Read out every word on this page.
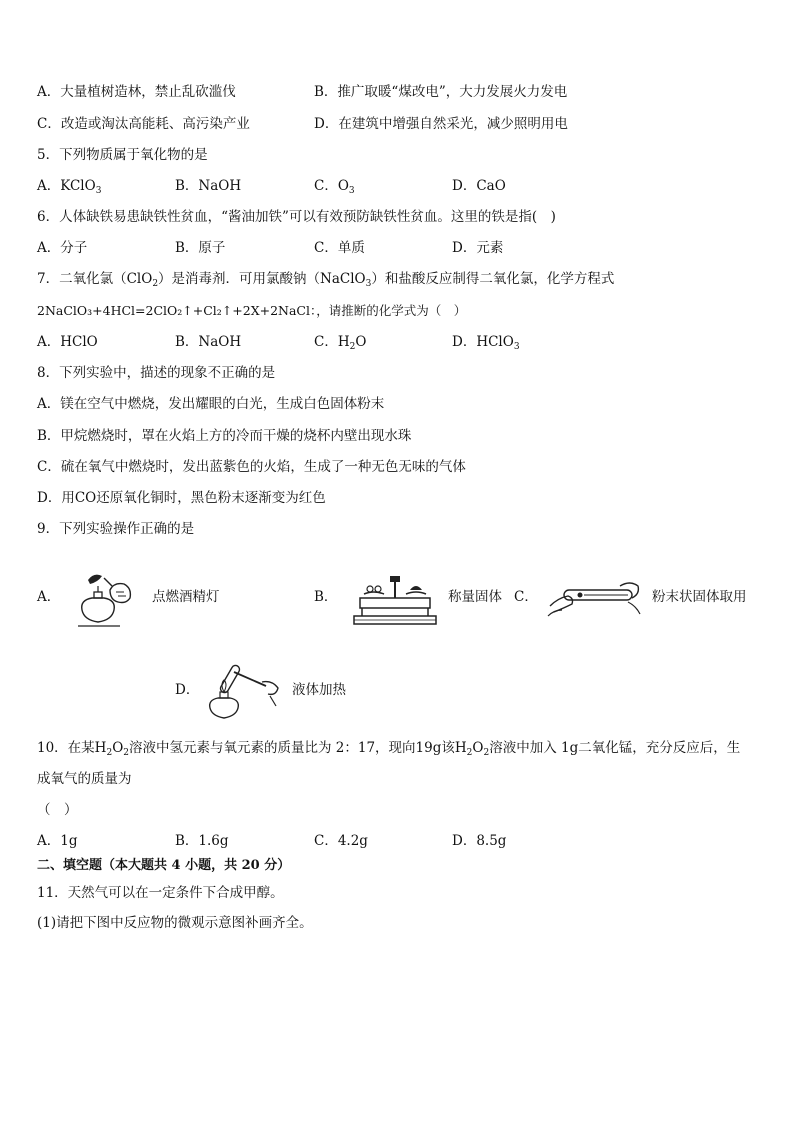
A．大量植树造林，禁止乱砍滥伐	B．推广取暖“煤改电”，大力发展火力发电
C．改造或淘汰高能耗、高污染产业	D．在建筑中增强自然采光，减少照明用电
5．下列物质属于氧化物的是
A．KClO$_3$	B．NaOH	C．$O_3$	D．CaO
6．人体缺铁易患缺铁性贫血，“酱油加铁”可以有效预防缺铁性贫血。这里的铁是指(　)
A．分子	B．原子	C．单质	D．元素
7．二氧化氯（ClO$_2$）是消毒剂．可用氯酸钠（NaClO$_3$）和盐酸反应制得二氧化氯，化学方程式
2NaClO₃+4HCl=2ClO₂↑+Cl₂↑+2X+2NaCl：，请推断的化学式为（　）
A．HClO	B．NaOH	C．$H_2O$	D．HClO$_3$
8．下列实验中，描述的现象不正确的是
A．镁在空气中燃烧，发出耀眼的白光，生成白色固体粉末
B．甲烷燃烧时，罩在火焰上方的冷而干燥的烧杯内壁出现水珠
C．硫在氧气中燃烧时，发出蓝紫色的火焰，生成了一种无色无味的气体
D．用CO还原氧化铜时，黑色粉末逐渐变为红色
9．下列实验操作正确的是
A．	点燃酒精灯	B．	称量固体 C．	粉末状固体取用
D．	液体加热
10．在某$H_2O_2$溶液中氢元素与氧元素的质量比为 2：17，现向19g该$H_2O_2$溶液中加入 1g二氧化锰，充分反应后，生
成氧气的质量为
（　）
A．1g	B．1.6g	C．4.2g	D．8.5g
二、填空题（本大题共 4 小题，共 20 分）
11．天然气可以在一定条件下合成甲醇。
(1)请把下图中反应物的微观示意图补画齐全。
